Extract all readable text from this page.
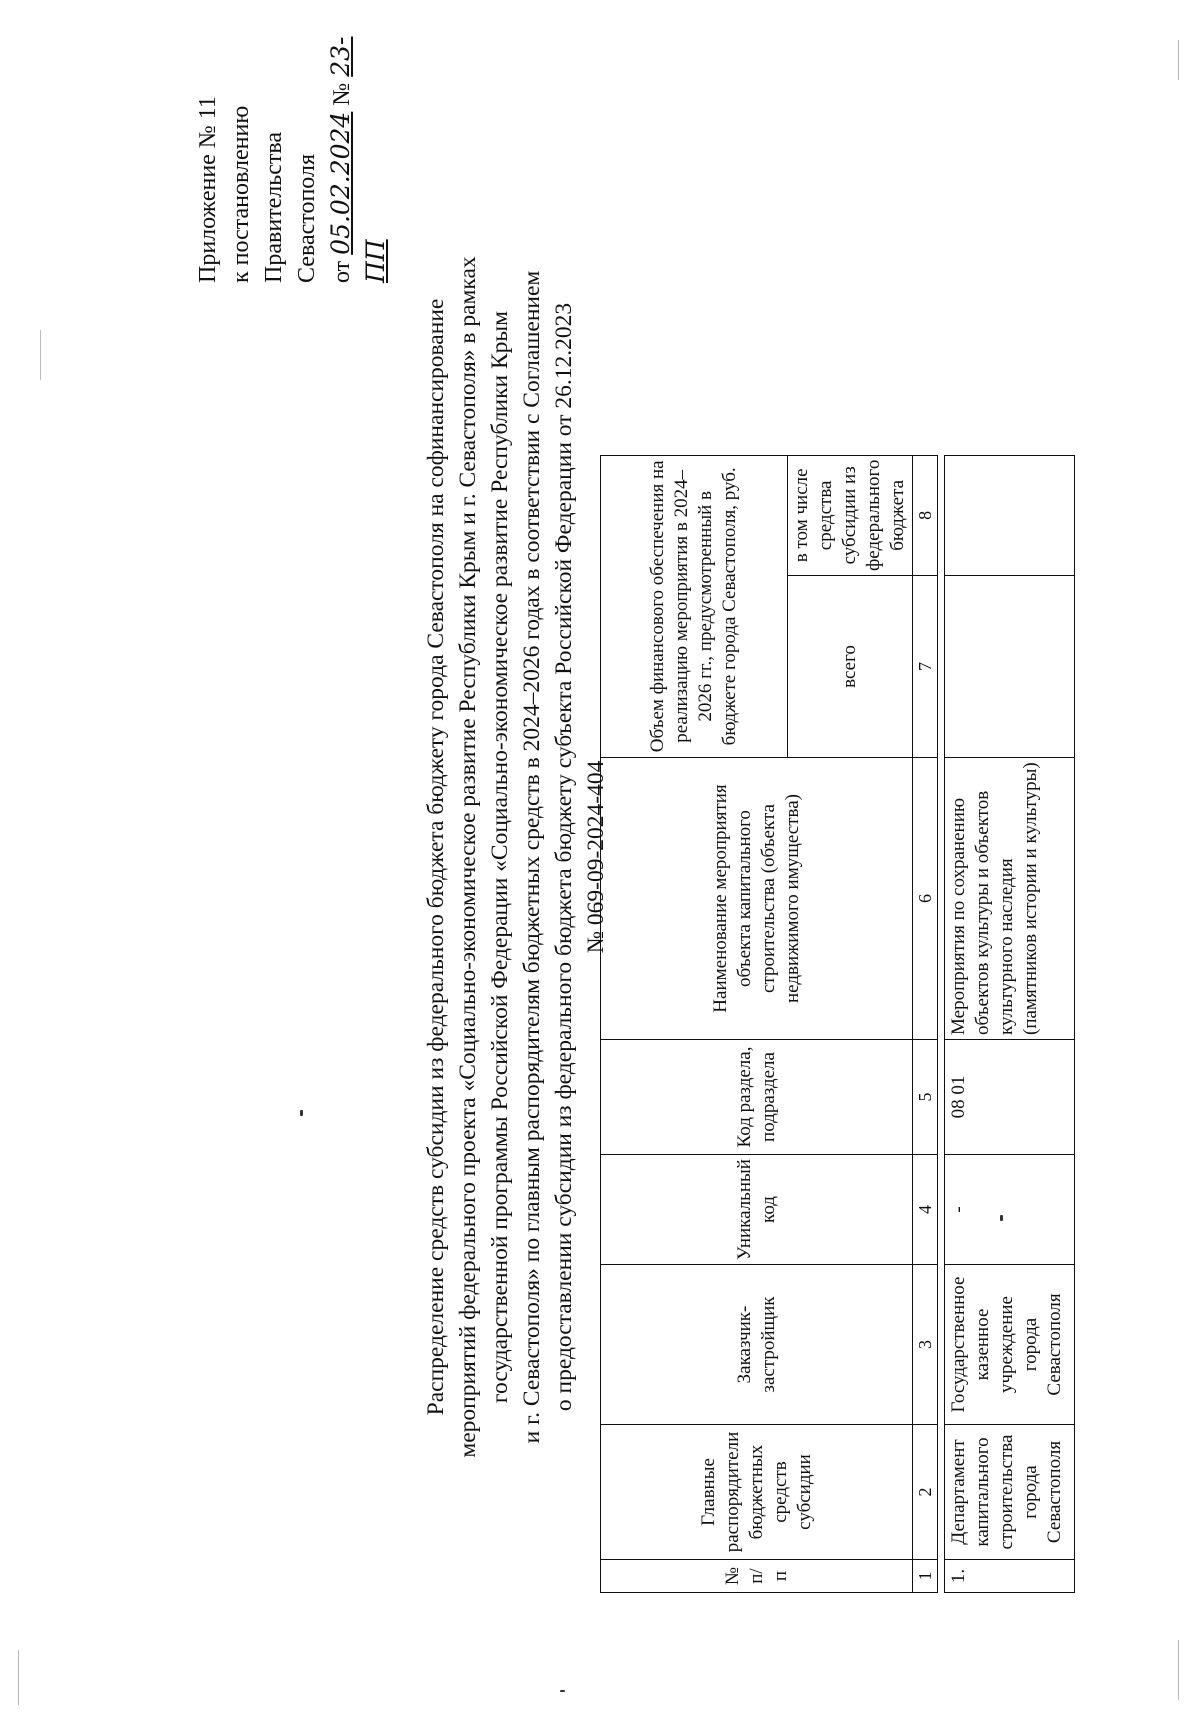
Приложение № 11 к постановлению Правительства Севастополя от 05.02.2024 № 23-ПП

Распределение средств субсидии из федерального бюджета бюджету города Севастополя на софинансирование мероприятий федерального проекта «Социально-экономическое развитие Республики Крым и г. Севастополя» в рамках государственной программы Российской Федерации «Социально-экономическое развитие Республики Крым и г. Севастополя» по главным распорядителям бюджетных средств в 2024–2026 годах в соответствии с Соглашением о предоставлении субсидии из федерального бюджета бюджету субъекта Российской Федерации от 26.12.2023 № 069-09-2024-404

№ п/п	Главные распорядители бюджетных средств субсидии	Заказчик-застройщик	Уникальный код	Код раздела, подраздела	Наименование мероприятия объекта капитального строительства (объекта недвижимого имущества)	Объем финансового обеспечения на реализацию мероприятия в 2024–2026 гг., предусмотренный в бюджете города Севастополя, руб.	
						всего	в том числе средства субсидии из федерального бюджета
1	2	3	4	5	6	7	8

1.	Департамент капитального строительства города Севастополя	Государственное казенное учреждение города Севастополя	-	08 01	Мероприятия по сохранению объектов культуры и объектов культурного наследия (памятников истории и культуры)		
